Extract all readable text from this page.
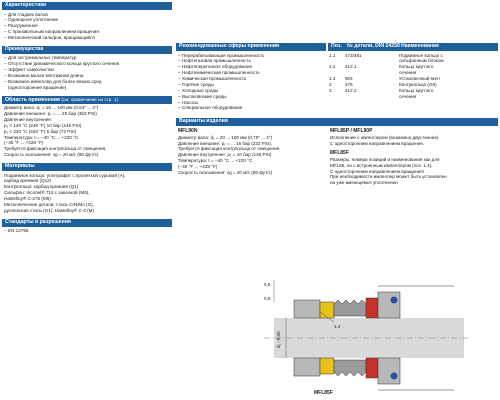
Характеристики
– Для гладких валов
– Одинарное уплотнение
– Разгруженное
– С произвольным направлением вращения
– Металлический сильфон, вращающийся
Преимущества
– Для экстремальных температур
– Отсутствие динамического кольца круглого сечения
– Эффект самоочистки
– Возможна малая монтажная длина
– Возможен импеллер для более вязких сред
(одностороннее вращение)
Область применения (см. примечание на стр. 1)
Диаметр вала: d₁ = 16 ... 100 мм (0,64" ... 4")
Давление внешнее: p₁ = ... 25 бар (363 PSI)
Давление внутреннее:
p₁ < 120 °C (248 °F) 10 бар (145 PSI)
p₁ < 220 °C (428 °F) 5 бар (72 PSI)
Температура: t = −40 °C ... +220 °C
(−40 °F ... +428 °F)
Требуется фиксация контрпольца от смещения.
Скорость скольжения: vg = 20 м/с (66 фут/с)
Материалы
Подвижное кольцо: углеграфит с пропиткой сурьмой (A),
карбид кремния (Q12)
Контркольцо: карбид кремния (Q1)
Сильфон: Inconel® 718 с закалкой (M6),
Hastelloy® C-276 (M5)
Металлические детали: сталь CrNiMo (G),
дуплексная сталь (G1), Hastelloy® C-4 (M)
Стандарты и разрешения
– EN 12756
Рекомендованные сферы применения
– Перерабатывающая промышленность
– Нефтегазовая промышленность
– Нефтеперегонное оборудование
– Нефтехимическая промышленность
– Химическая промышленность
– Горячие среды
– Холодные среды
– Высоковязкие среды
– Насосы
– Специальное оборудование
Поз. № детали, DIN 24250 Наименование
1.1	472/481	Подвижное кольцо с
сильфонным блоком
1.2	412.1	Кольцо круглого
сечения
1.3	904	Установочный винт
2	475	Контркольцо (G9)
3	412.2	Кольцо круглого
сечения
Варианты изделия
MFL90N
Диаметр вала: d₁ = 20 ... 100 мм (0,79" ... 4")
Давление внешнее: p₁ = ... 16 бар (232 PSI),
Требуется фиксация контрпольца от смещения.
Давление внутреннее: p₁ = 10 бар (145 PSI)
Температура: t = −40 °C ... +220 °C
(−40 °F ... +428 °F)
Скорость скольжения: vg = 20 м/с (66 фут/с)
MFL85P / MFL90P
Исполнение с импеллером (возможно двустаннее).
С односторонним направлением вращения.
MFL85F
Размеры, номера позиций и наименования как для
MFL85, но с встроенным импеллером (поз. 1.4).
С односторонним направлением вращения!
При необходимости импеллер может быть установлен
на уже имеющемся уплотнении
0,5
0,5
1.4
d₁ −0,05
MFL85F
